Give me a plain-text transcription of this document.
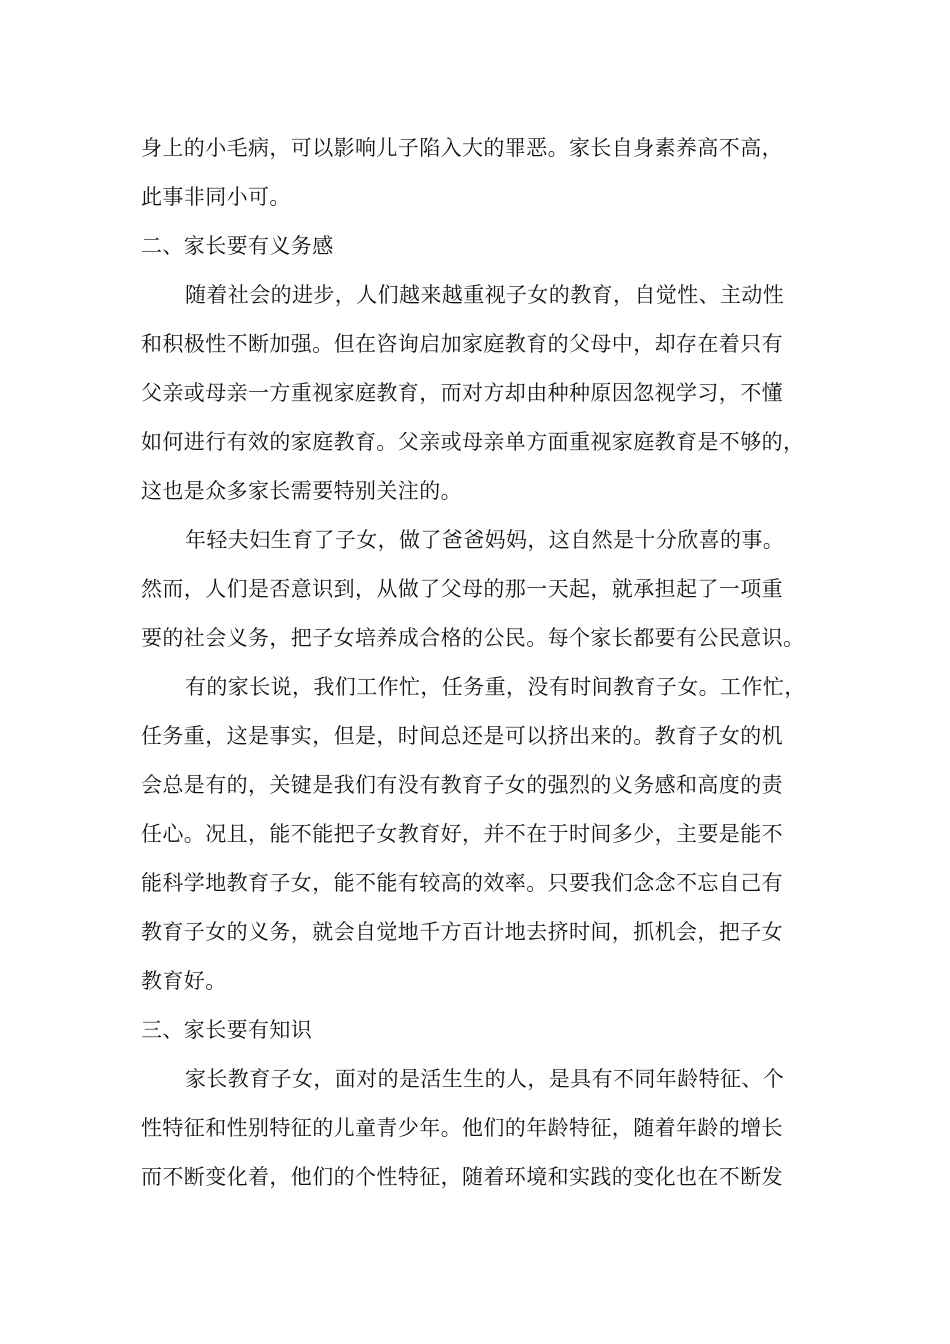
身上的小毛病，可以影响儿子陷入大的罪恶。家长自身素养高不高，
此事非同小可。
二、家长要有义务感
随着社会的进步，人们越来越重视子女的教育，自觉性、主动性
和积极性不断加强。但在咨询启加家庭教育的父母中，却存在着只有
父亲或母亲一方重视家庭教育，而对方却由种种原因忽视学习，不懂
如何进行有效的家庭教育。父亲或母亲单方面重视家庭教育是不够的，
这也是众多家长需要特别关注的。
年轻夫妇生育了子女，做了爸爸妈妈，这自然是十分欣喜的事。
然而，人们是否意识到，从做了父母的那一天起，就承担起了一项重
要的社会义务，把子女培养成合格的公民。每个家长都要有公民意识。
有的家长说，我们工作忙，任务重，没有时间教育子女。工作忙，
任务重，这是事实，但是，时间总还是可以挤出来的。教育子女的机
会总是有的，关键是我们有没有教育子女的强烈的义务感和高度的责
任心。况且，能不能把子女教育好，并不在于时间多少，主要是能不
能科学地教育子女，能不能有较高的效率。只要我们念念不忘自己有
教育子女的义务，就会自觉地千方百计地去挤时间，抓机会，把子女
教育好。
三、家长要有知识
家长教育子女，面对的是活生生的人，是具有不同年龄特征、个
性特征和性别特征的儿童青少年。他们的年龄特征，随着年龄的增长
而不断变化着，他们的个性特征，随着环境和实践的变化也在不断发
